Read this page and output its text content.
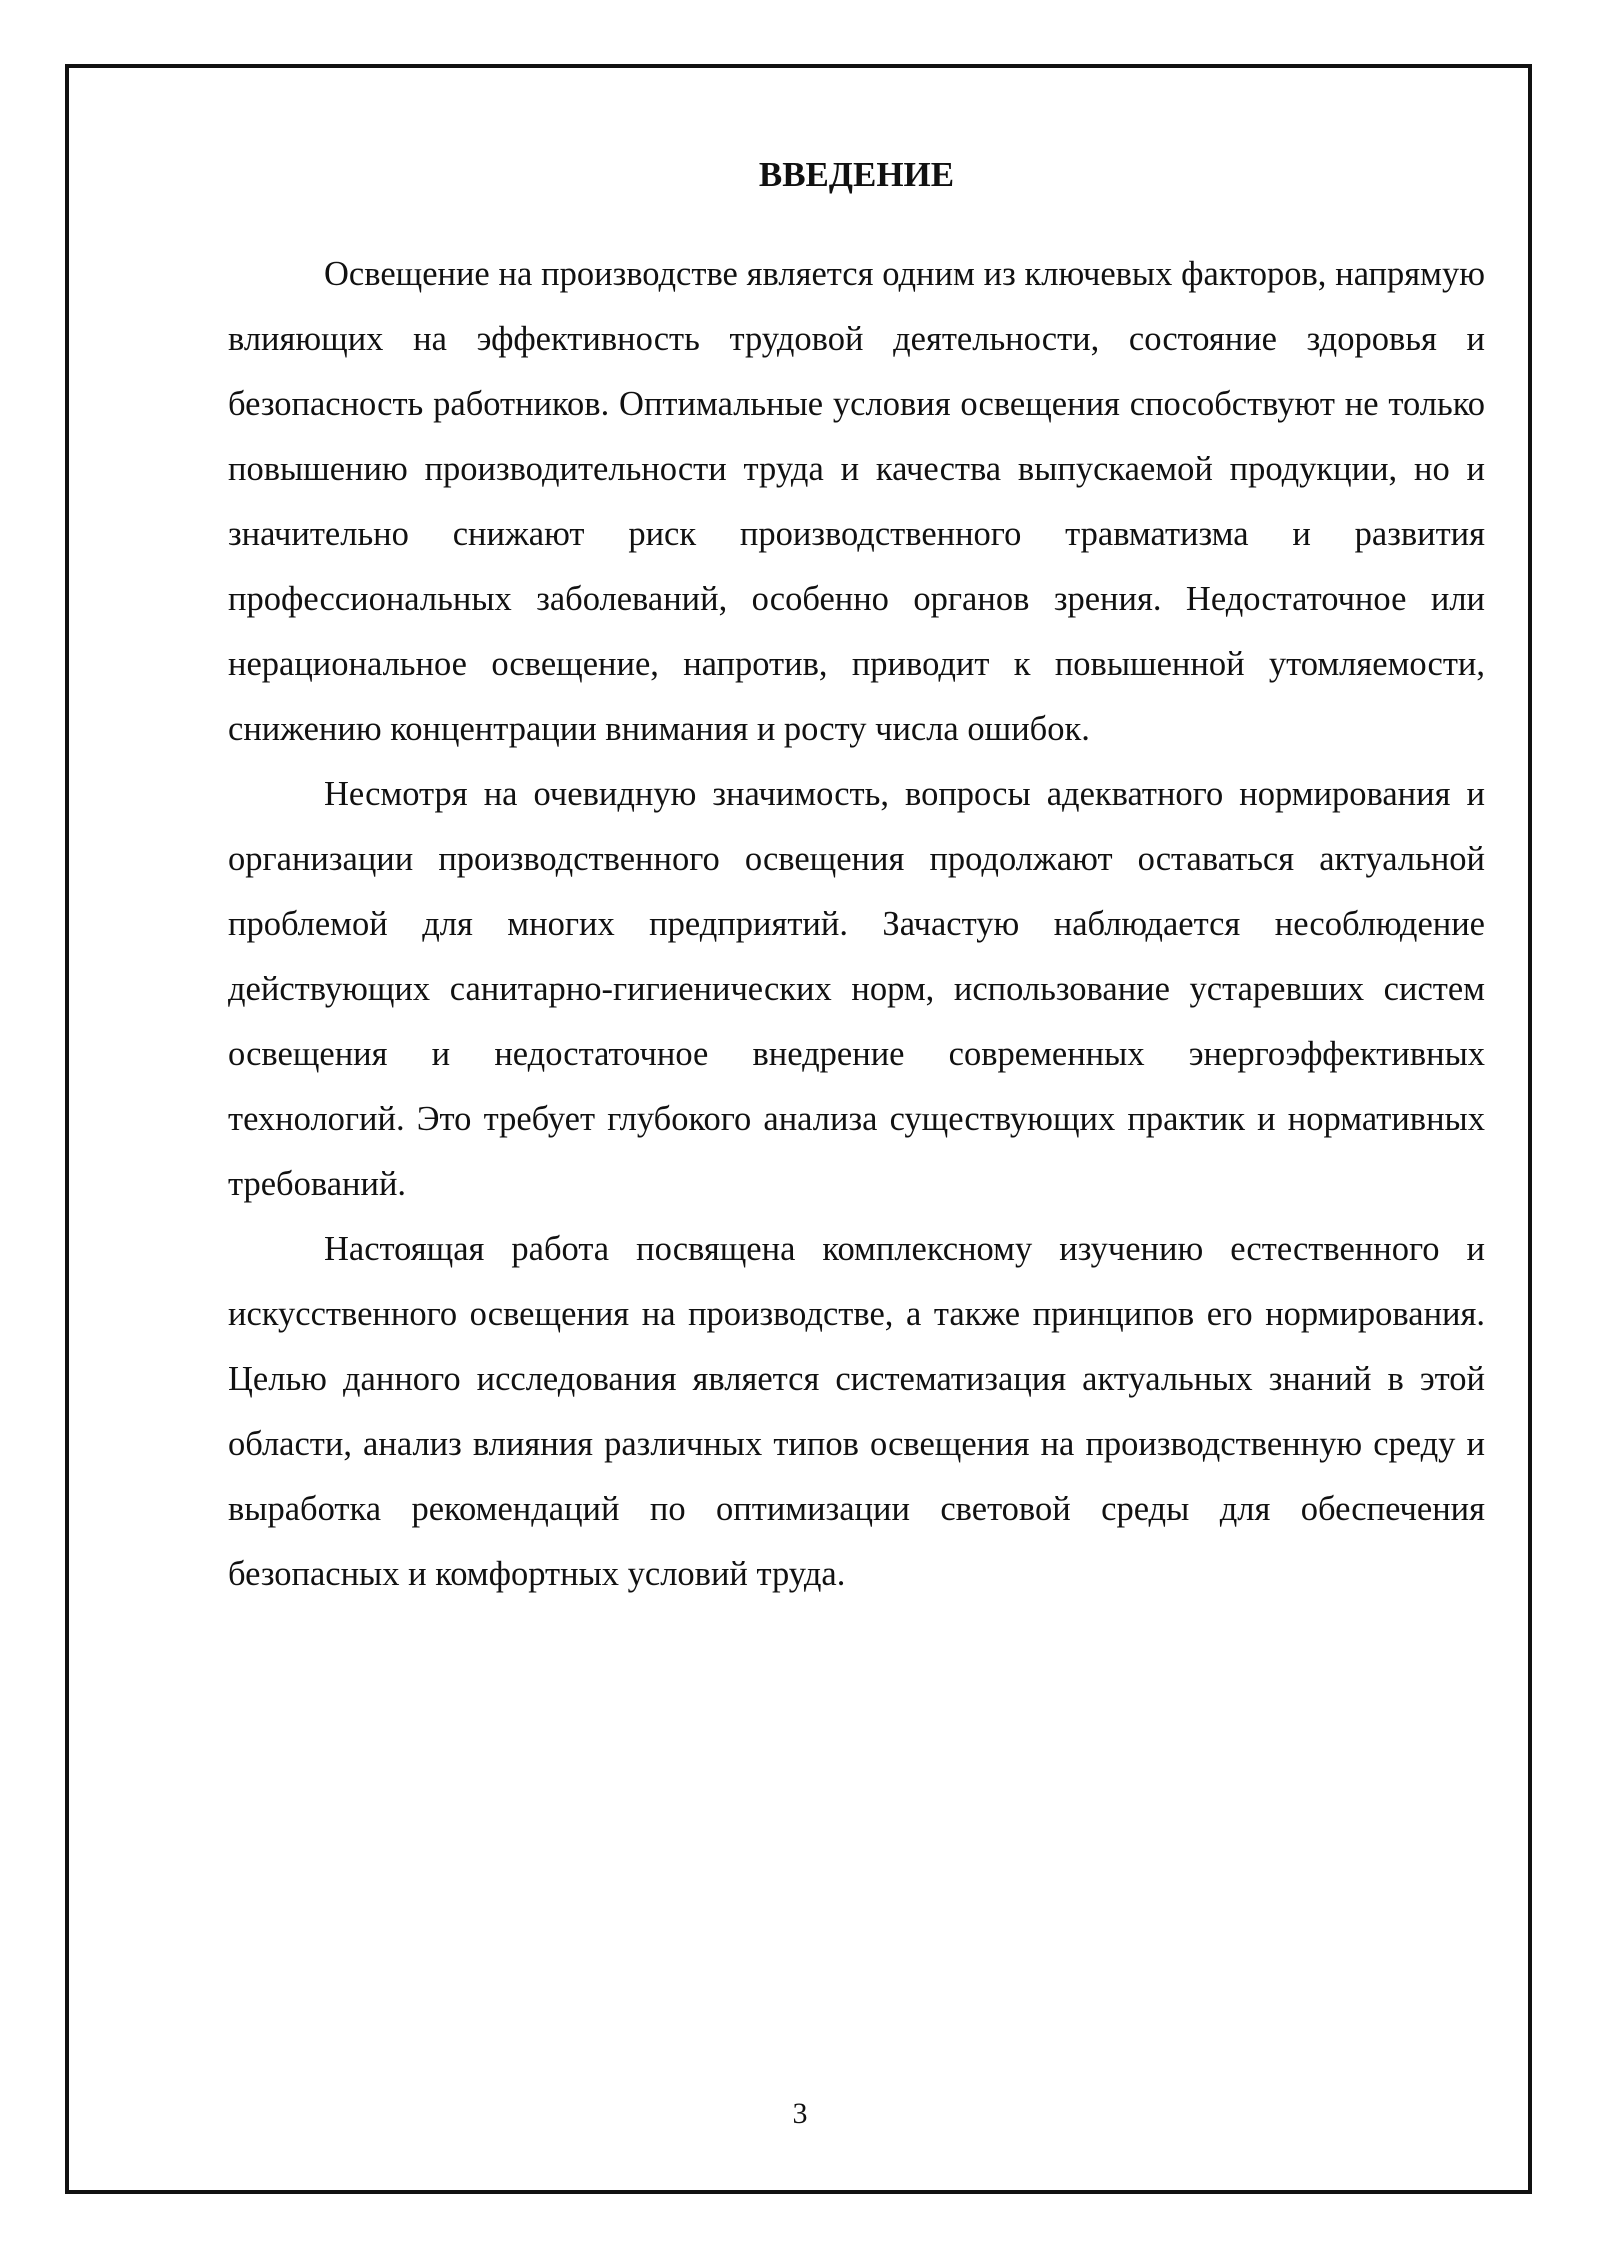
ВВЕДЕНИЕ

Освещение на производстве является одним из ключевых факторов, напрямую влияющих на эффективность трудовой деятельности, состояние здоровья и безопасность работников. Оптимальные условия освещения способствуют не только повышению производительности труда и качества выпускаемой продукции, но и значительно снижают риск производственного травматизма и развития профессиональных заболеваний, особенно органов зрения. Недостаточное или нерациональное освещение, напротив, приводит к повышенной утомляемости, снижению концентрации внимания и росту числа ошибок.

Несмотря на очевидную значимость, вопросы адекватного нормирования и организации производственного освещения продолжают оставаться актуальной проблемой для многих предприятий. Зачастую наблюдается несоблюдение действующих санитарно-гигиенических норм, использование устаревших систем освещения и недостаточное внедрение современных энергоэффективных технологий. Это требует глубокого анализа существующих практик и нормативных требований.

Настоящая работа посвящена комплексному изучению естественного и искусственного освещения на производстве, а также принципов его нормирования. Целью данного исследования является систематизация актуальных знаний в этой области, анализ влияния различных типов освещения на производственную среду и выработка рекомендаций по оптимизации световой среды для обеспечения безопасных и комфортных условий труда.

3
